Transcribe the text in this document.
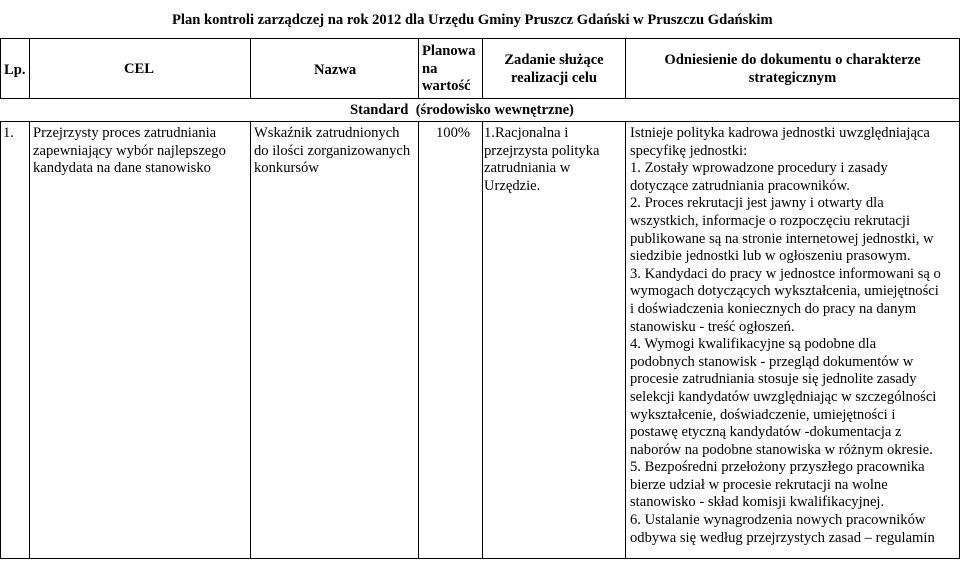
Plan kontroli zarządczej na rok 2012 dla Urzędu Gminy Pruszcz Gdański w Pruszczu Gdańskim
Lp.	CEL	Nazwa
Planowa
na
wartość
Zadanie służące
realizacji celu
Odniesienie do dokumentu o charakterze
strategicznym
Standard  (środowisko wewnętrzne)
1. Przejrzysty proces zatrudniania
zapewniający wybór najlepszego
kandydata na dane stanowisko
Wskaźnik zatrudnionych
do ilości zorganizowanych
konkursów
100% 1.Racjonalna i
przejrzysta polityka
zatrudniania w
Urzędzie.
Istnieje polityka kadrowa jednostki uwzględniająca
specyfikę jednostki:
1. Zostały wprowadzone procedury i zasady
dotyczące zatrudniania pracowników.
2. Proces rekrutacji jest jawny i otwarty dla
wszystkich, informacje o rozpoczęciu rekrutacji
publikowane są na stronie internetowej jednostki, w
siedzibie jednostki lub w ogłoszeniu prasowym.
3. Kandydaci do pracy w jednostce informowani są o
wymogach dotyczących wykształcenia, umiejętności
i doświadczenia koniecznych do pracy na danym
stanowisku - treść ogłoszeń.
4. Wymogi kwalifikacyjne są podobne dla
podobnych stanowisk - przegląd dokumentów w
procesie zatrudniania stosuje się jednolite zasady
selekcji kandydatów uwzględniając w szczególności
wykształcenie, doświadczenie, umiejętności i
postawę etyczną kandydatów -dokumentacja z
naborów na podobne stanowiska w różnym okresie.
5. Bezpośredni przełożony przyszłego pracownika
bierze udział w procesie rekrutacji na wolne
stanowisko - skład komisji kwalifikacyjnej.
6. Ustalanie wynagrodzenia nowych pracowników
odbywa się według przejrzystych zasad – regulamin
